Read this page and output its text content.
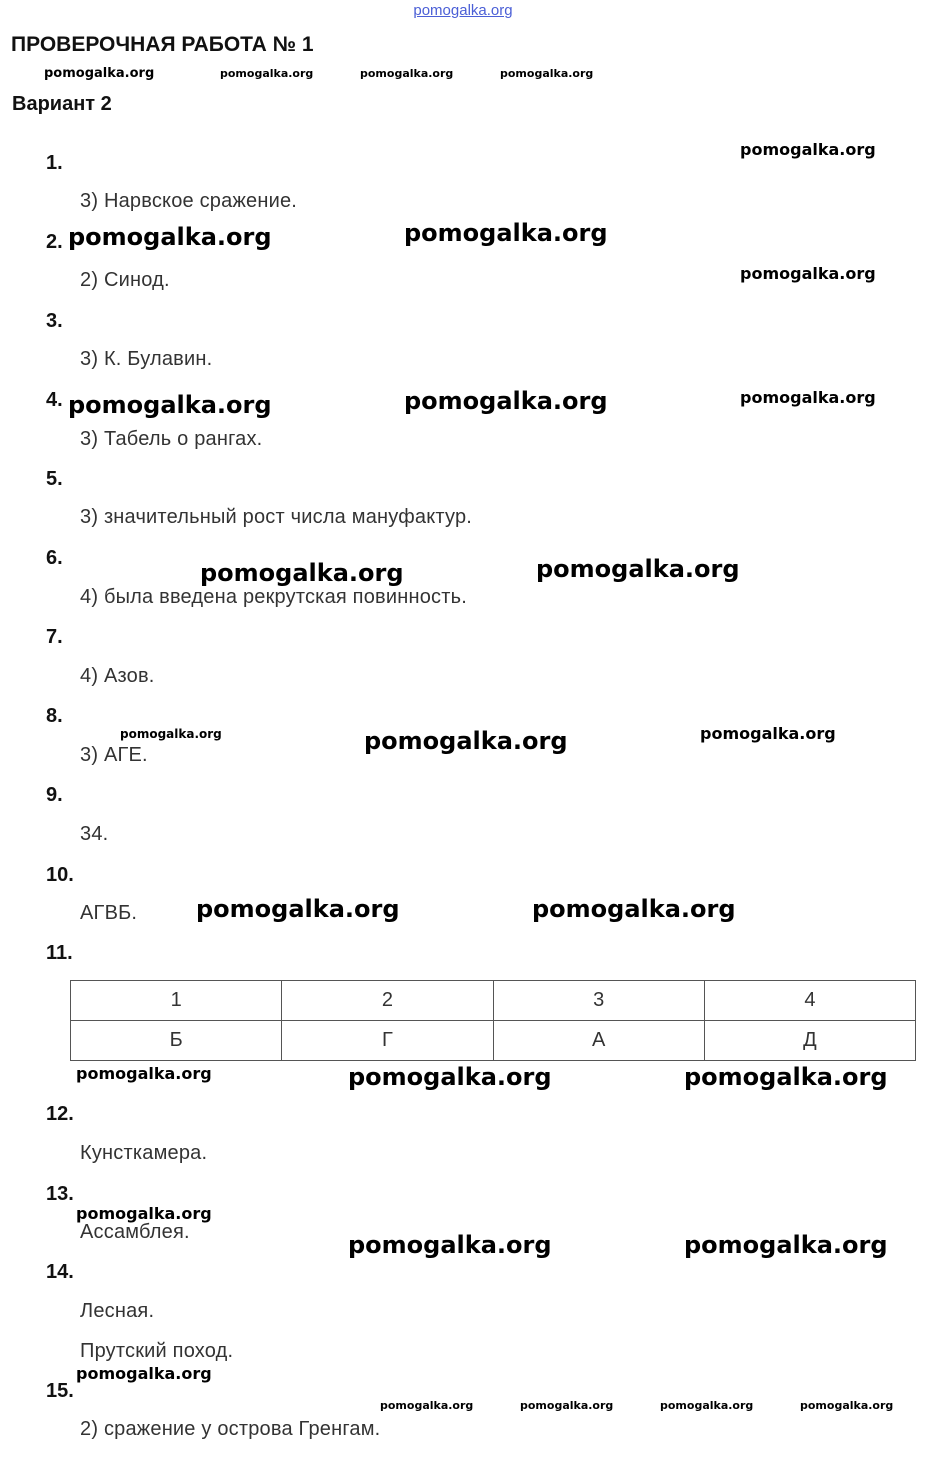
pomogalka.org
ПРОВЕРОЧНАЯ РАБОТА № 1
Вариант 2
pomogalka.org	pomogalka.org	pomogalka.org	pomogalka.org
pomogalka.org
pomogalka.org	pomogalka.org
pomogalka.org
pomogalka.org	pomogalka.org	pomogalka.org
pomogalka.org	pomogalka.org
pomogalka.org	pomogalka.org	pomogalka.org
pomogalka.org	pomogalka.org
pomogalka.org	pomogalka.org	pomogalka.org
pomogalka.org
pomogalka.org	pomogalka.org
pomogalka.org
pomogalka.org	pomogalka.org	pomogalka.org	pomogalka.org
1.
2.
3.
4.
5.
6.
7.
8.
9.
10.
11.
12.
13.
14.
15.
3) Нарвское сражение.
2) Синод.
3) К. Булавин.
3) Табель о рангах.
3) значительный рост числа мануфактур.
4) была введена рекрутская повинность.
4) Азов.
3) АГЕ.
34.
АГВБ.
Кунсткамера.
Ассамблея.
Лесная.
Прутский поход.
2) сражение у острова Гренгам.
1	2	3	4
Б	Г	А	Д
